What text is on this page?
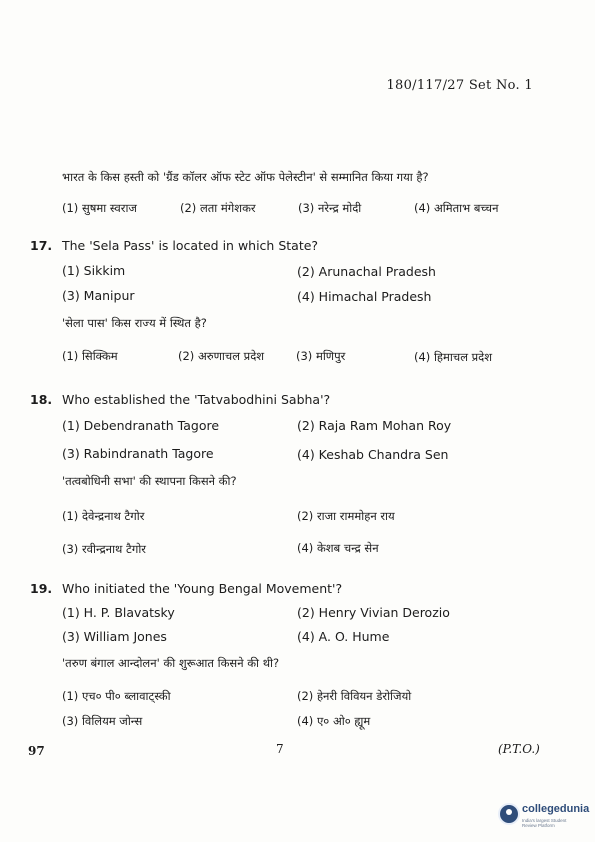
180/117/27 Set No. 1
भारत के किस हस्ती को 'ग्रैंड कॉलर ऑफ स्टेट ऑफ पेलेस्टीन' से सम्मानित किया गया है?
(1) सुषमा स्वराज	(2) लता मंगेशकर	(3) नरेन्द्र मोदी	(4) अमिताभ बच्चन
17. The 'Sela Pass' is located in which State?
(1) Sikkim	(2) Arunachal Pradesh
(3) Manipur	(4) Himachal Pradesh
'सेला पास' किस राज्य में स्थित है?
(1) सिक्किम	(2) अरुणाचल प्रदेश	(3) मणिपुर	(4) हिमाचल प्रदेश
18. Who established the 'Tatvabodhini Sabha'?
(1) Debendranath Tagore	(2) Raja Ram Mohan Roy
(3) Rabindranath Tagore	(4) Keshab Chandra Sen
'तत्वबोधिनी सभा' की स्थापना किसने की?
(1) देवेन्द्रनाथ टैगोर	(2) राजा राममोहन राय
(3) रवीन्द्रनाथ टैगोर	(4) केशब चन्द्र सेन
19. Who initiated the 'Young Bengal Movement'?
(1) H. P. Blavatsky	(2) Henry Vivian Derozio
(3) William Jones	(4) A. O. Hume
'तरुण बंगाल आन्दोलन' की शुरूआत किसने की थी?
(1) एच० पी० ब्लावाट्स्की	(2) हेनरी विवियन डेरोजियो
(3) विलियम जोन्स	(4) ए० ओ० ह्यूम
97	7	(P.T.O.)
collegedunia
India's largest Student Review Platform
